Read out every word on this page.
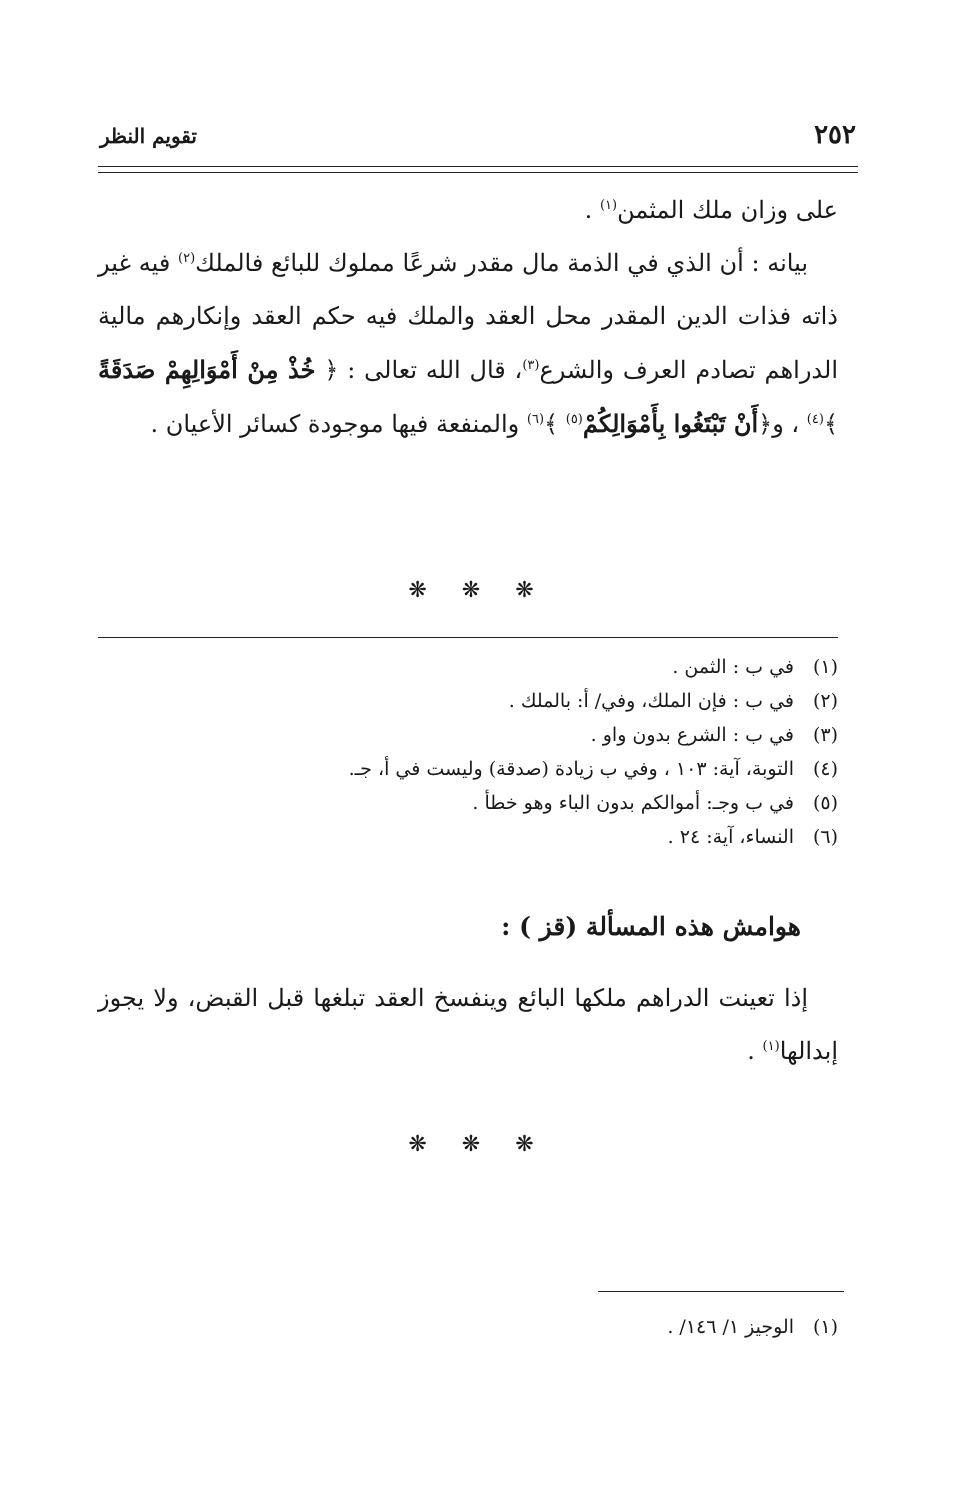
٢٥٢
تقويم النظر

على وزان ملك المثمن$^{(١)}$ .

بيانه : أن الذي في الذمة مال مقدر شرعًا مملوك للبائع فالملك$^{(٢)}$ فيه غير ذاته فذات الدين المقدر محل العقد والملك فيه حكم العقد وإنكارهم مالية الدراهم تصادم العرف والشرع$^{(٣)}$، قال الله تعالى : ﴿ خُذْ مِنْ أَمْوَالِهِمْ صَدَقَةً ﴾$^{(٤)}$ ، و﴿أَنْ تَبْتَغُوا بِأَمْوَالِكُمْ$^{(٥)}$ ﴾$^{(٦)}$ والمنفعة فيها موجودة كسائر الأعيان .

❋ ❋ ❋
(١)في ب : الثمن .
(٢)في ب : فإن الملك، وفي/ أ: بالملك .
(٣)في ب : الشرع بدون واو .
(٤)التوبة، آية: ١٠٣ ، وفي ب زيادة (صدقة) وليست في أ، جـ.
(٥)في ب وجـ: أموالكم بدون الباء وهو خطأ .
(٦)النساء، آية: ٢٤ .
هوامش هذه المسألة (قز ) :

إذا تعينت الدراهم ملكها البائع وينفسخ العقد تبلغها قبل القبض، ولا يجوز إبدالها$^{(١)}$ .

❋ ❋ ❋
(١)الوجيز ١/ ١٤٦/ .
